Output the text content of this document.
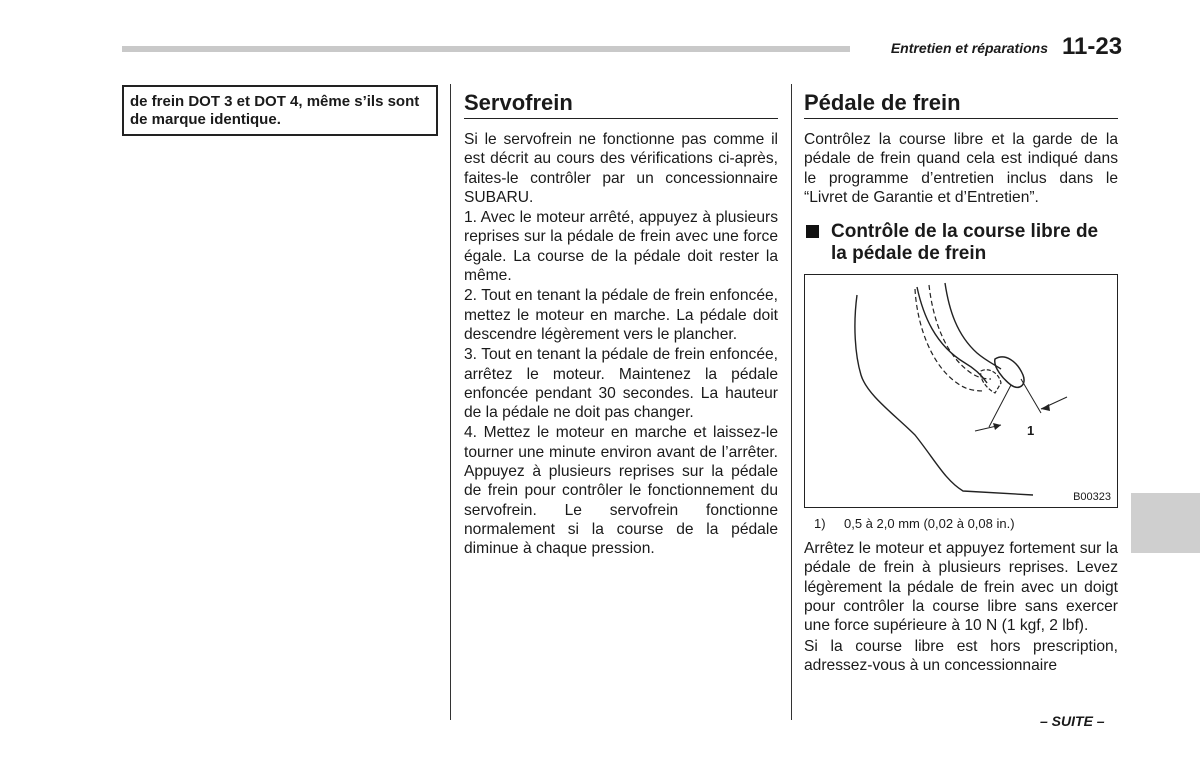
Entretien et réparations 11-23
de frein DOT 3 et DOT 4, même s’ils sont de marque identique.
Servofrein

Si le servofrein ne fonctionne pas comme il est décrit au cours des vérifications ci-après, faites-le contrôler par un concessionnaire SUBARU.

1. Avec le moteur arrêté, appuyez à plusieurs reprises sur la pédale de frein avec une force égale. La course de la pédale doit rester la même.

2. Tout en tenant la pédale de frein enfoncée, mettez le moteur en marche. La pédale doit descendre légèrement vers le plancher.

3. Tout en tenant la pédale de frein enfoncée, arrêtez le moteur. Maintenez la pédale enfoncée pendant 30 secondes. La hauteur de la pédale ne doit pas changer.

4. Mettez le moteur en marche et laissez-le tourner une minute environ avant de l’arrêter. Appuyez à plusieurs reprises sur la pédale de frein pour contrôler le fonctionnement du servofrein. Le servofrein fonctionne normalement si la course de la pédale diminue à chaque pression.

Pédale de frein

Contrôlez la course libre et la garde de la pédale de frein quand cela est indiqué dans le programme d’entretien inclus dans le “Livret de Garantie et d’Entretien”.

Contrôle de la course libre de la pédale de frein
1
B00323
1)	0,5 à 2,0 mm (0,02 à 0,08 in.)

Arrêtez le moteur et appuyez fortement sur la pédale de frein à plusieurs reprises. Levez légèrement la pédale de frein avec un doigt pour contrôler la course libre sans exercer une force supérieure à 10 N (1 kgf, 2 lbf).

Si la course libre est hors prescription, adressez-vous à un concessionnaire

– SUITE –
